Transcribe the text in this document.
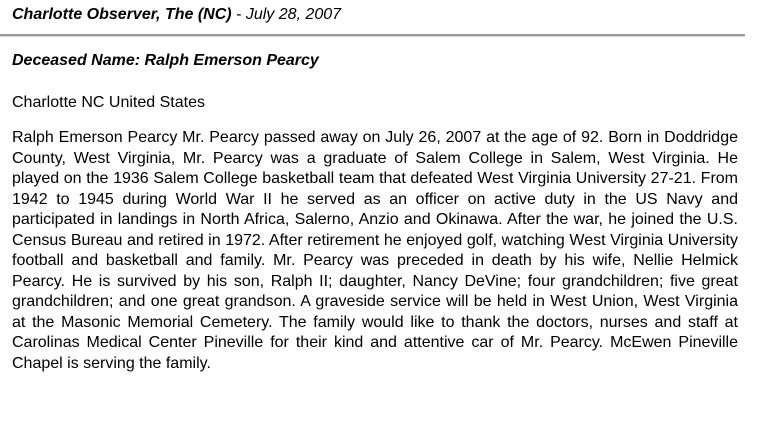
Charlotte Observer, The (NC) - July 28, 2007
Deceased Name: Ralph Emerson Pearcy
Charlotte NC United States

Ralph Emerson Pearcy Mr. Pearcy passed away on July 26, 2007 at the age of 92. Born in Doddridge County, West Virginia, Mr. Pearcy was a graduate of Salem College in Salem, West Virginia. He played on the 1936 Salem College basketball team that defeated West Virginia University 27-21. From 1942 to 1945 during World War II he served as an officer on active duty in the US Navy and participated in landings in North Africa, Salerno, Anzio and Okinawa. After the war, he joined the U.S. Census Bureau and retired in 1972. After retirement he enjoyed golf, watching West Virginia University football and basketball and family. Mr. Pearcy was preceded in death by his wife, Nellie Helmick Pearcy. He is survived by his son, Ralph II; daughter, Nancy DeVine; four grandchildren; five great grandchildren; and one great grandson. A graveside service will be held in West Union, West Virginia at the Masonic Memorial Cemetery. The family would like to thank the doctors, nurses and staff at Carolinas Medical Center Pineville for their kind and attentive car of Mr. Pearcy. McEwen Pineville Chapel is serving the family.
